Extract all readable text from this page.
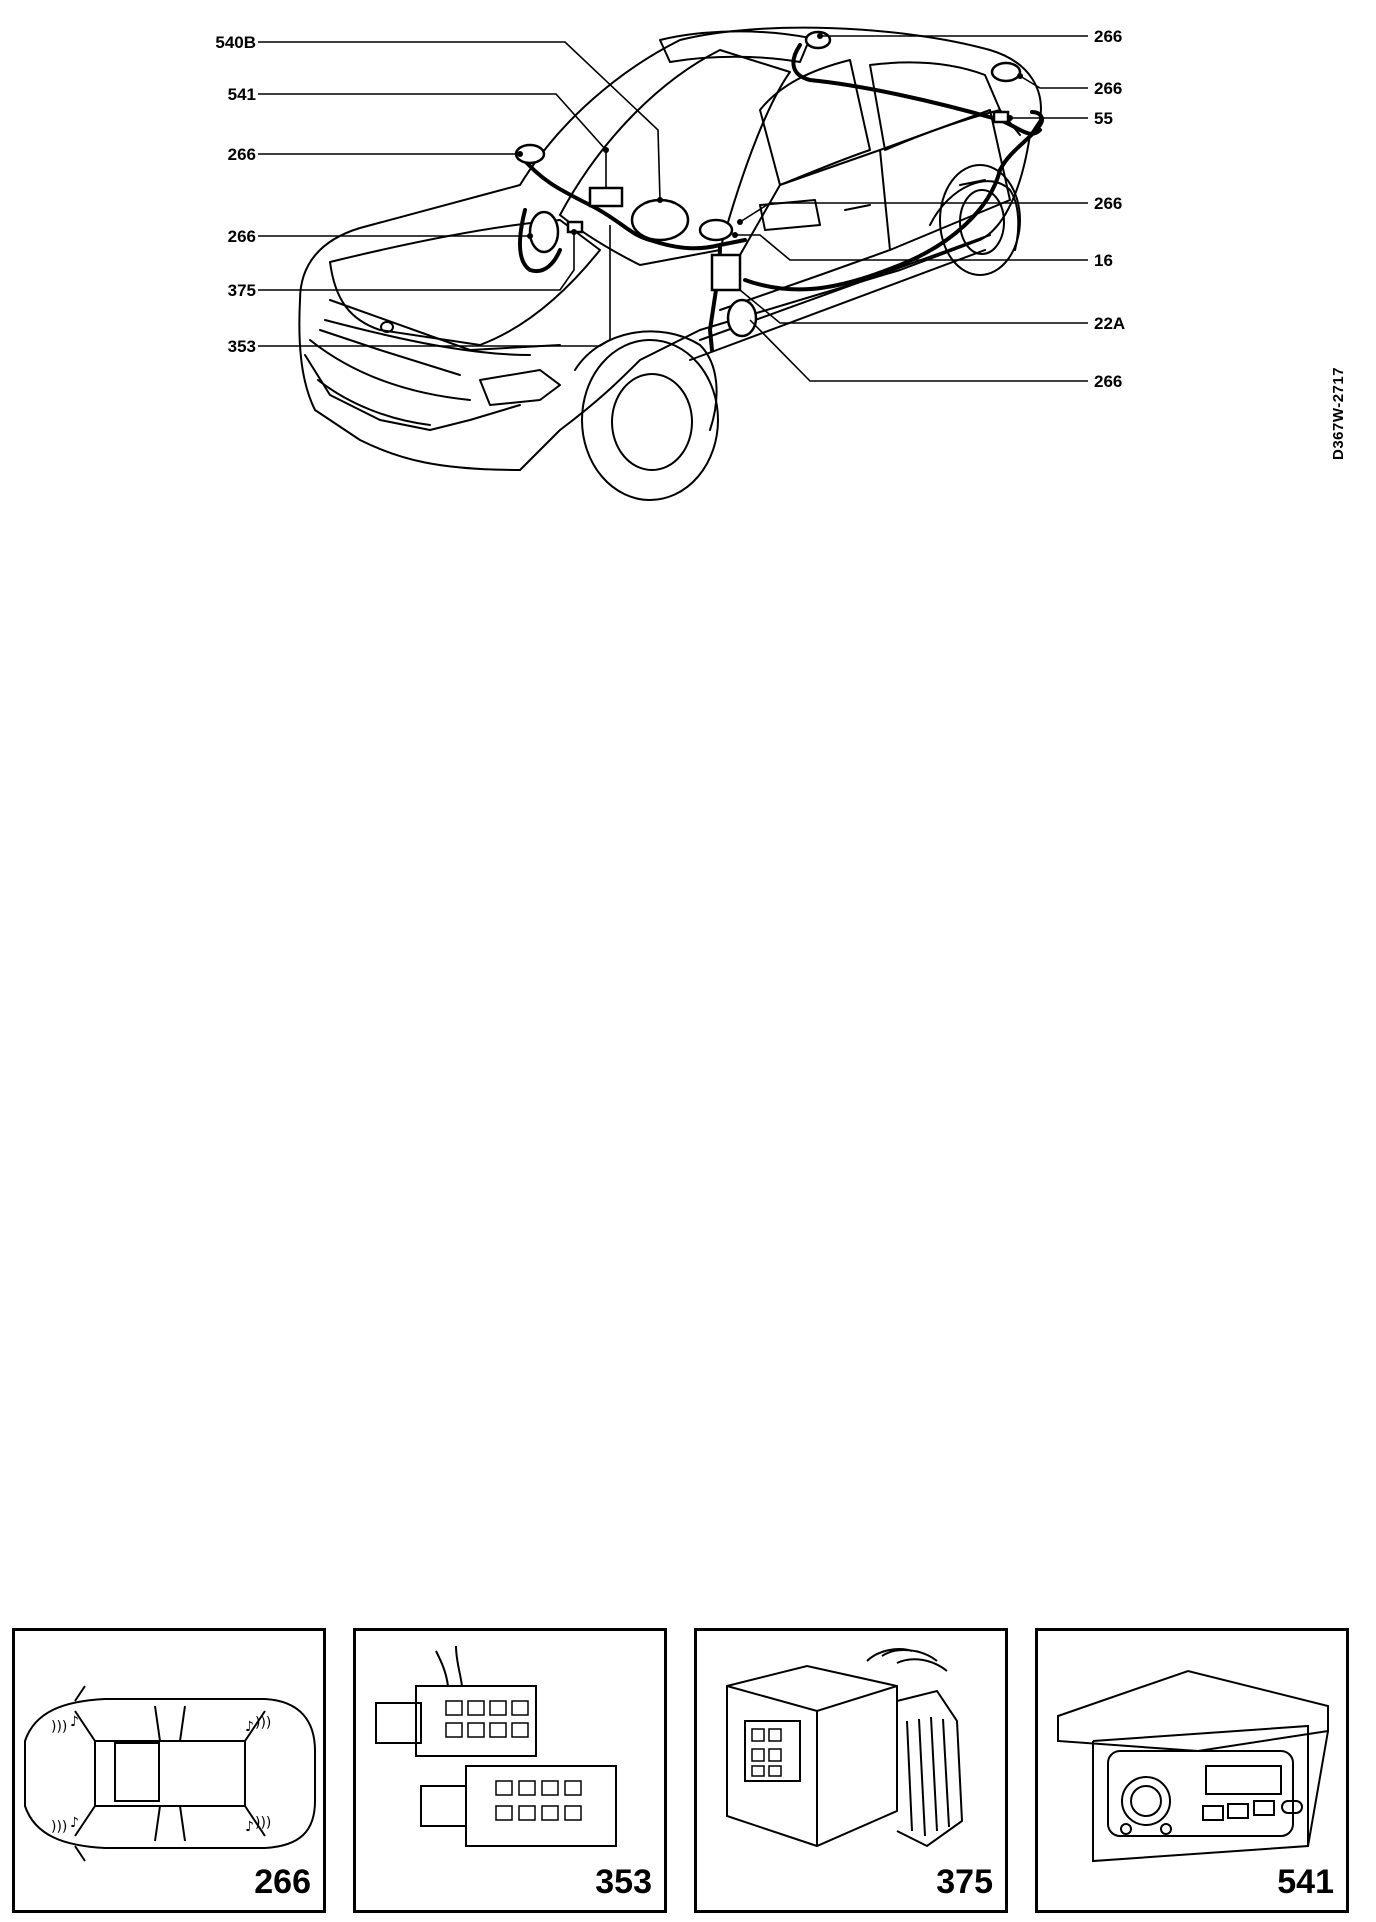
540B
541
266
266
375
353
266
266
55
266
16
22A
266	D367W-2717
))) ♪	♪ )))
))) ♪	♪ )))
266	353	375	541
